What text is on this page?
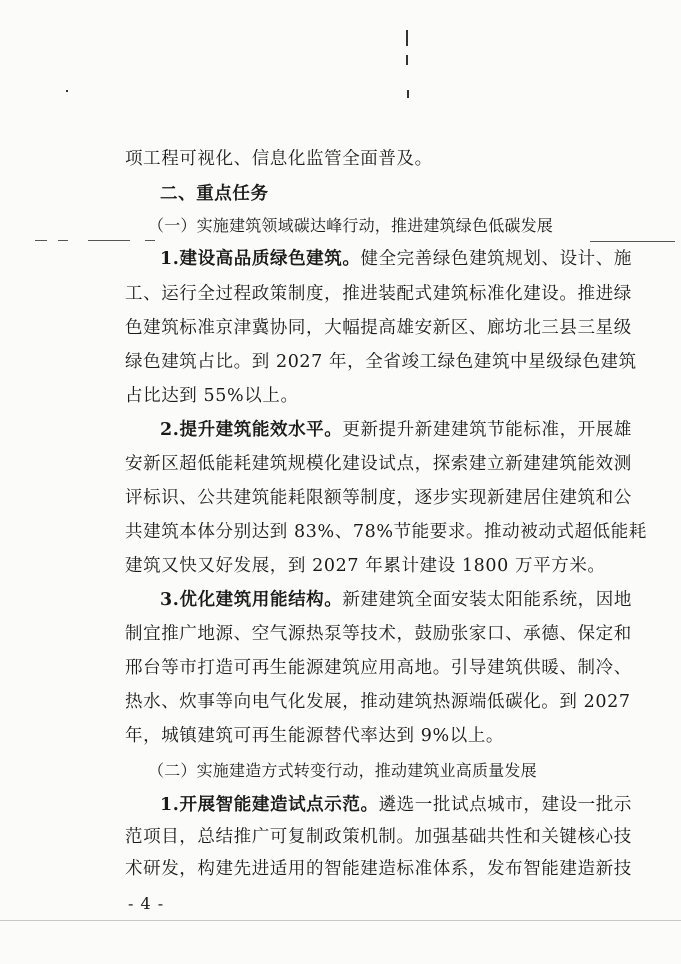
项工程可视化、信息化监管全面普及。
二、重点任务
（一）实施建筑领域碳达峰行动，推进建筑绿色低碳发展
1.建设高品质绿色建筑。健全完善绿色建筑规划、设计、施
工、运行全过程政策制度，推进装配式建筑标准化建设。推进绿
色建筑标准京津冀协同，大幅提高雄安新区、廊坊北三县三星级
绿色建筑占比。到 2027 年，全省竣工绿色建筑中星级绿色建筑
占比达到 55%以上。
2.提升建筑能效水平。更新提升新建建筑节能标准，开展雄
安新区超低能耗建筑规模化建设试点，探索建立新建建筑能效测
评标识、公共建筑能耗限额等制度，逐步实现新建居住建筑和公
共建筑本体分别达到 83%、78%节能要求。推动被动式超低能耗
建筑又快又好发展，到 2027 年累计建设 1800 万平方米。
3.优化建筑用能结构。新建建筑全面安装太阳能系统，因地
制宜推广地源、空气源热泵等技术，鼓励张家口、承德、保定和
邢台等市打造可再生能源建筑应用高地。引导建筑供暖、制冷、
热水、炊事等向电气化发展，推动建筑热源端低碳化。到 2027
年，城镇建筑可再生能源替代率达到 9%以上。
（二）实施建造方式转变行动，推动建筑业高质量发展
1.开展智能建造试点示范。遴选一批试点城市，建设一批示
范项目，总结推广可复制政策机制。加强基础共性和关键核心技
术研发，构建先进适用的智能建造标准体系，发布智能建造新技
- 4 -
